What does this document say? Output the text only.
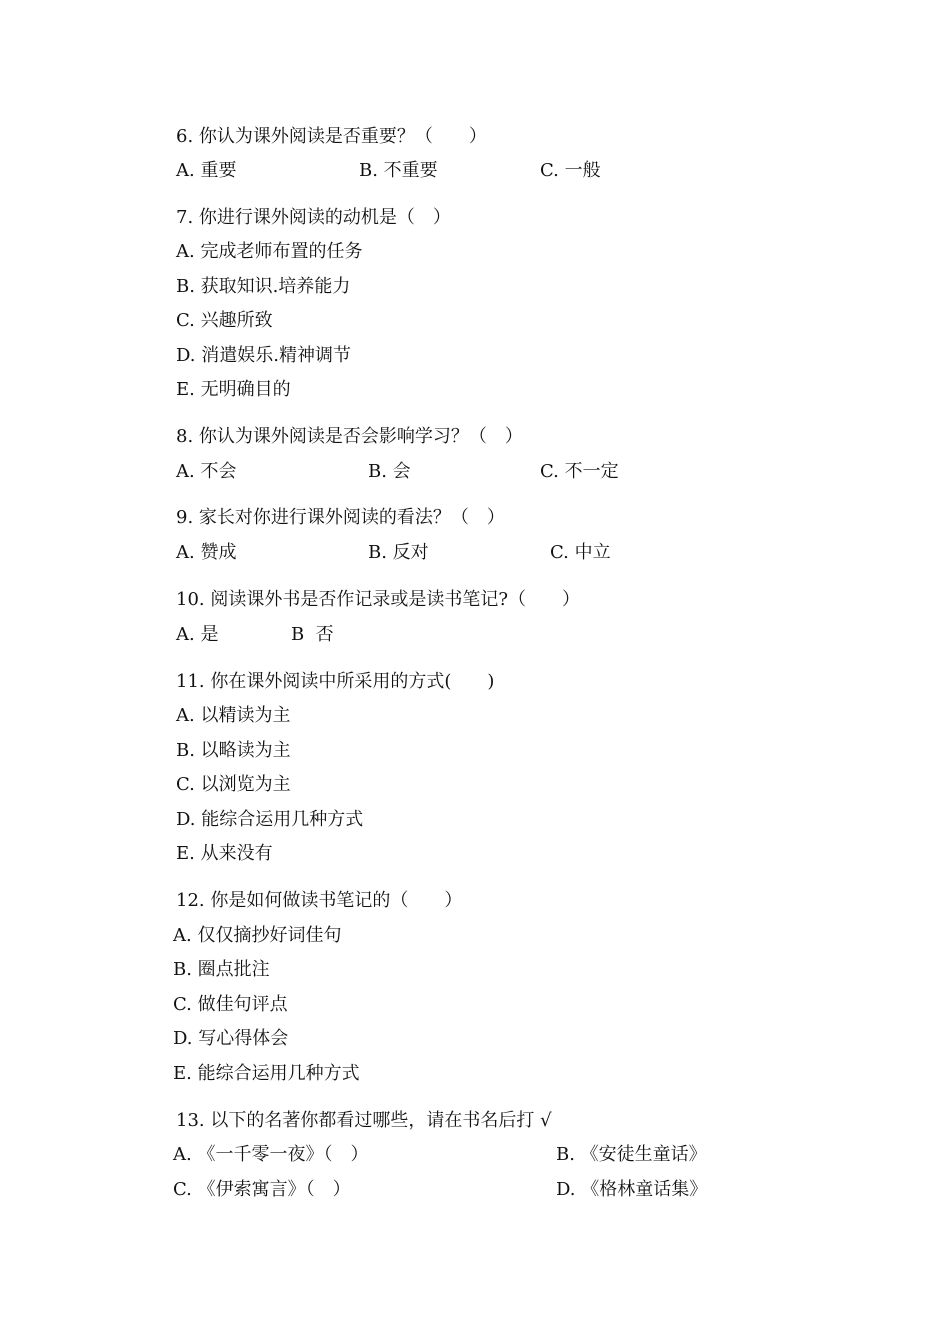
6. 你认为课外阅读是否重要？（　　）
A. 重要	B. 不重要	C. 一般
7. 你进行课外阅读的动机是（　）
A. 完成老师布置的任务
B. 获取知识.培养能力
C. 兴趣所致
D. 消遣娱乐.精神调节
E. 无明确目的
8. 你认为课外阅读是否会影响学习？（　）
A. 不会	B. 会	C. 不一定
9. 家长对你进行课外阅读的看法？（　）
A. 赞成	B. 反对	C. 中立
10. 阅读课外书是否作记录或是读书笔记?（　　）
A. 是	B  否
11. 你在课外阅读中所采用的方式(　　)
A. 以精读为主
B. 以略读为主
C. 以浏览为主
D. 能综合运用几种方式
E. 从来没有
12. 你是如何做读书笔记的（　　）
A. 仅仅摘抄好词佳句
B. 圈点批注
C. 做佳句评点
D. 写心得体会
E. 能综合运用几种方式
13. 以下的名著你都看过哪些，请在书名后打 √
A. 《一千零一夜》（　）	B. 《安徒生童话》
C. 《伊索寓言》（　）	D. 《格林童话集》
